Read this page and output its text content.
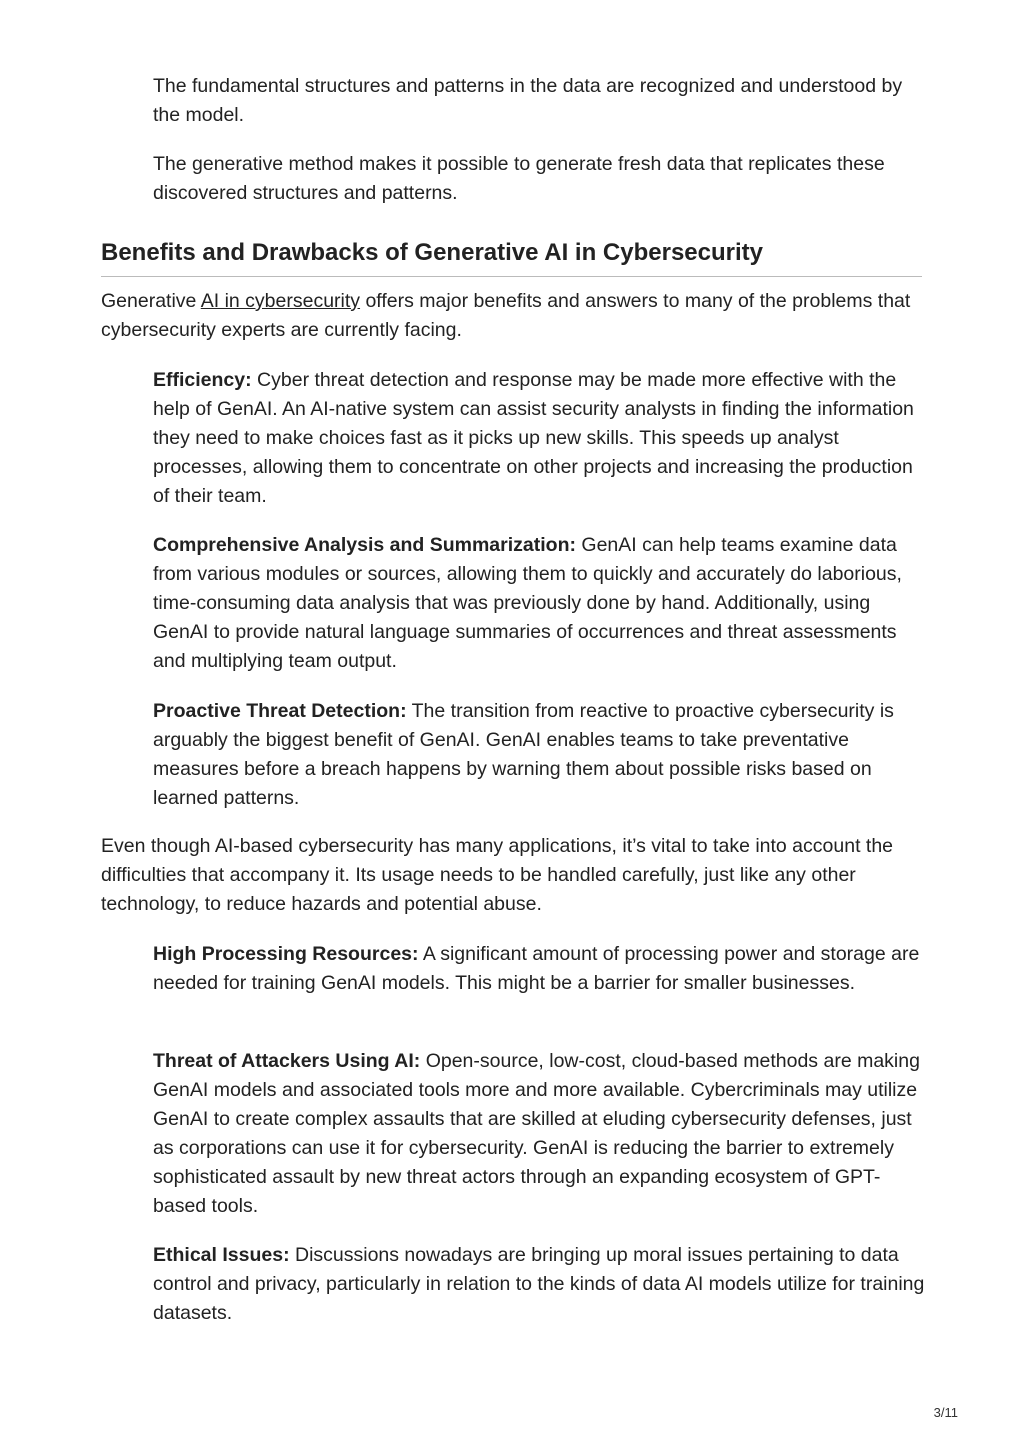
The fundamental structures and patterns in the data are recognized and understood by the model.

The generative method makes it possible to generate fresh data that replicates these discovered structures and patterns.

Benefits and Drawbacks of Generative AI in Cybersecurity

Generative AI in cybersecurity offers major benefits and answers to many of the problems that cybersecurity experts are currently facing.

Efficiency: Cyber threat detection and response may be made more effective with the help of GenAI. An AI-native system can assist security analysts in finding the information they need to make choices fast as it picks up new skills. This speeds up analyst processes, allowing them to concentrate on other projects and increasing the production of their team.

Comprehensive Analysis and Summarization: GenAI can help teams examine data from various modules or sources, allowing them to quickly and accurately do laborious, time-consuming data analysis that was previously done by hand. Additionally, using GenAI to provide natural language summaries of occurrences and threat assessments and multiplying team output.

Proactive Threat Detection: The transition from reactive to proactive cybersecurity is arguably the biggest benefit of GenAI. GenAI enables teams to take preventative measures before a breach happens by warning them about possible risks based on learned patterns.

Even though AI-based cybersecurity has many applications, it’s vital to take into account the difficulties that accompany it. Its usage needs to be handled carefully, just like any other technology, to reduce hazards and potential abuse.

High Processing Resources: A significant amount of processing power and storage are needed for training GenAI models. This might be a barrier for smaller businesses.

Threat of Attackers Using AI: Open-source, low-cost, cloud-based methods are making GenAI models and associated tools more and more available. Cybercriminals may utilize GenAI to create complex assaults that are skilled at eluding cybersecurity defenses, just as corporations can use it for cybersecurity. GenAI is reducing the barrier to extremely sophisticated assault by new threat actors through an expanding ecosystem of GPT-based tools.

Ethical Issues: Discussions nowadays are bringing up moral issues pertaining to data control and privacy, particularly in relation to the kinds of data AI models utilize for training datasets.

3/11
